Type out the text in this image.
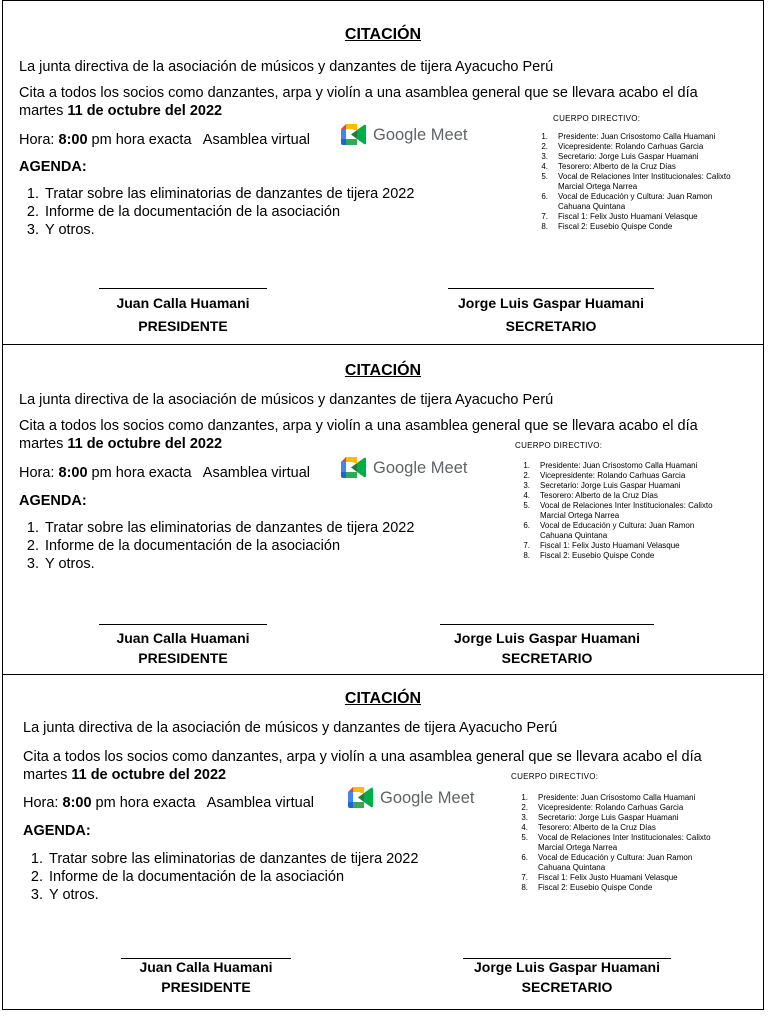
CITACIÓN
La junta directiva de la asociación de músicos y danzantes de tijera Ayacucho Perú
Cita a todos los socios como danzantes, arpa y violín a una asamblea general que se llevara acabo el día
martes 11 de octubre del 2022
Hora: 8:00 pm hora exacta   Asamblea virtual	Google Meet
AGENDA:
1. Tratar sobre las eliminatorias de danzantes de tijera 2022
2. Informe de la documentación de la asociación
3. Y otros.
CUERPO DIRECTIVO:
1. Presidente: Juan Crisostomo Calla Huamani
2. Vicepresidente: Rolando Carhuas Garcia
3. Secretario: Jorge Luis Gaspar Huamani
4. Tesorero: Alberto de la Cruz Días
5. Vocal de Relaciones Inter Institucionales: Calixto Marcial Ortega Narrea
6. Vocal de Educación y Cultura: Juan Ramon Cahuana Quintana
7. Fiscal 1: Felix Justo Huamani Velasque
8. Fiscal 2: Eusebio Quispe Conde
Juan Calla Huamani
PRESIDENTE
Jorge Luis Gaspar Huamani
SECRETARIO
CITACIÓN
La junta directiva de la asociación de músicos y danzantes de tijera Ayacucho Perú
Cita a todos los socios como danzantes, arpa y violín a una asamblea general que se llevara acabo el día
martes 11 de octubre del 2022
Hora: 8:00 pm hora exacta   Asamblea virtual	Google Meet
AGENDA:
1. Tratar sobre las eliminatorias de danzantes de tijera 2022
2. Informe de la documentación de la asociación
3. Y otros.
CUERPO DIRECTIVO:
1. Presidente: Juan Crisostomo Calla Huamani
2. Vicepresidente: Rolando Carhuas Garcia
3. Secretario: Jorge Luis Gaspar Huamani
4. Tesorero: Alberto de la Cruz Días
5. Vocal de Relaciones Inter Institucionales: Calixto Marcial Ortega Narrea
6. Vocal de Educación y Cultura: Juan Ramon Cahuana Quintana
7. Fiscal 1: Felix Justo Huamani Velasque
8. Fiscal 2: Eusebio Quispe Conde
Juan Calla Huamani
PRESIDENTE
Jorge Luis Gaspar Huamani
SECRETARIO
CITACIÓN
La junta directiva de la asociación de músicos y danzantes de tijera Ayacucho Perú
Cita a todos los socios como danzantes, arpa y violín a una asamblea general que se llevara acabo el día
martes 11 de octubre del 2022
Hora: 8:00 pm hora exacta   Asamblea virtual	Google Meet
AGENDA:
1. Tratar sobre las eliminatorias de danzantes de tijera 2022
2. Informe de la documentación de la asociación
3. Y otros.
CUERPO DIRECTIVO:
1. Presidente: Juan Crisostomo Calla Huamani
2. Vicepresidente: Rolando Carhuas Garcia
3. Secretario: Jorge Luis Gaspar Huamani
4. Tesorero: Alberto de la Cruz Días
5. Vocal de Relaciones Inter Institucionales: Calixto Marcial Ortega Narrea
6. Vocal de Educación y Cultura: Juan Ramon Cahuana Quintana
7. Fiscal 1: Felix Justo Huamani Velasque
8. Fiscal 2: Eusebio Quispe Conde
Juan Calla Huamani
PRESIDENTE
Jorge Luis Gaspar Huamani
SECRETARIO
